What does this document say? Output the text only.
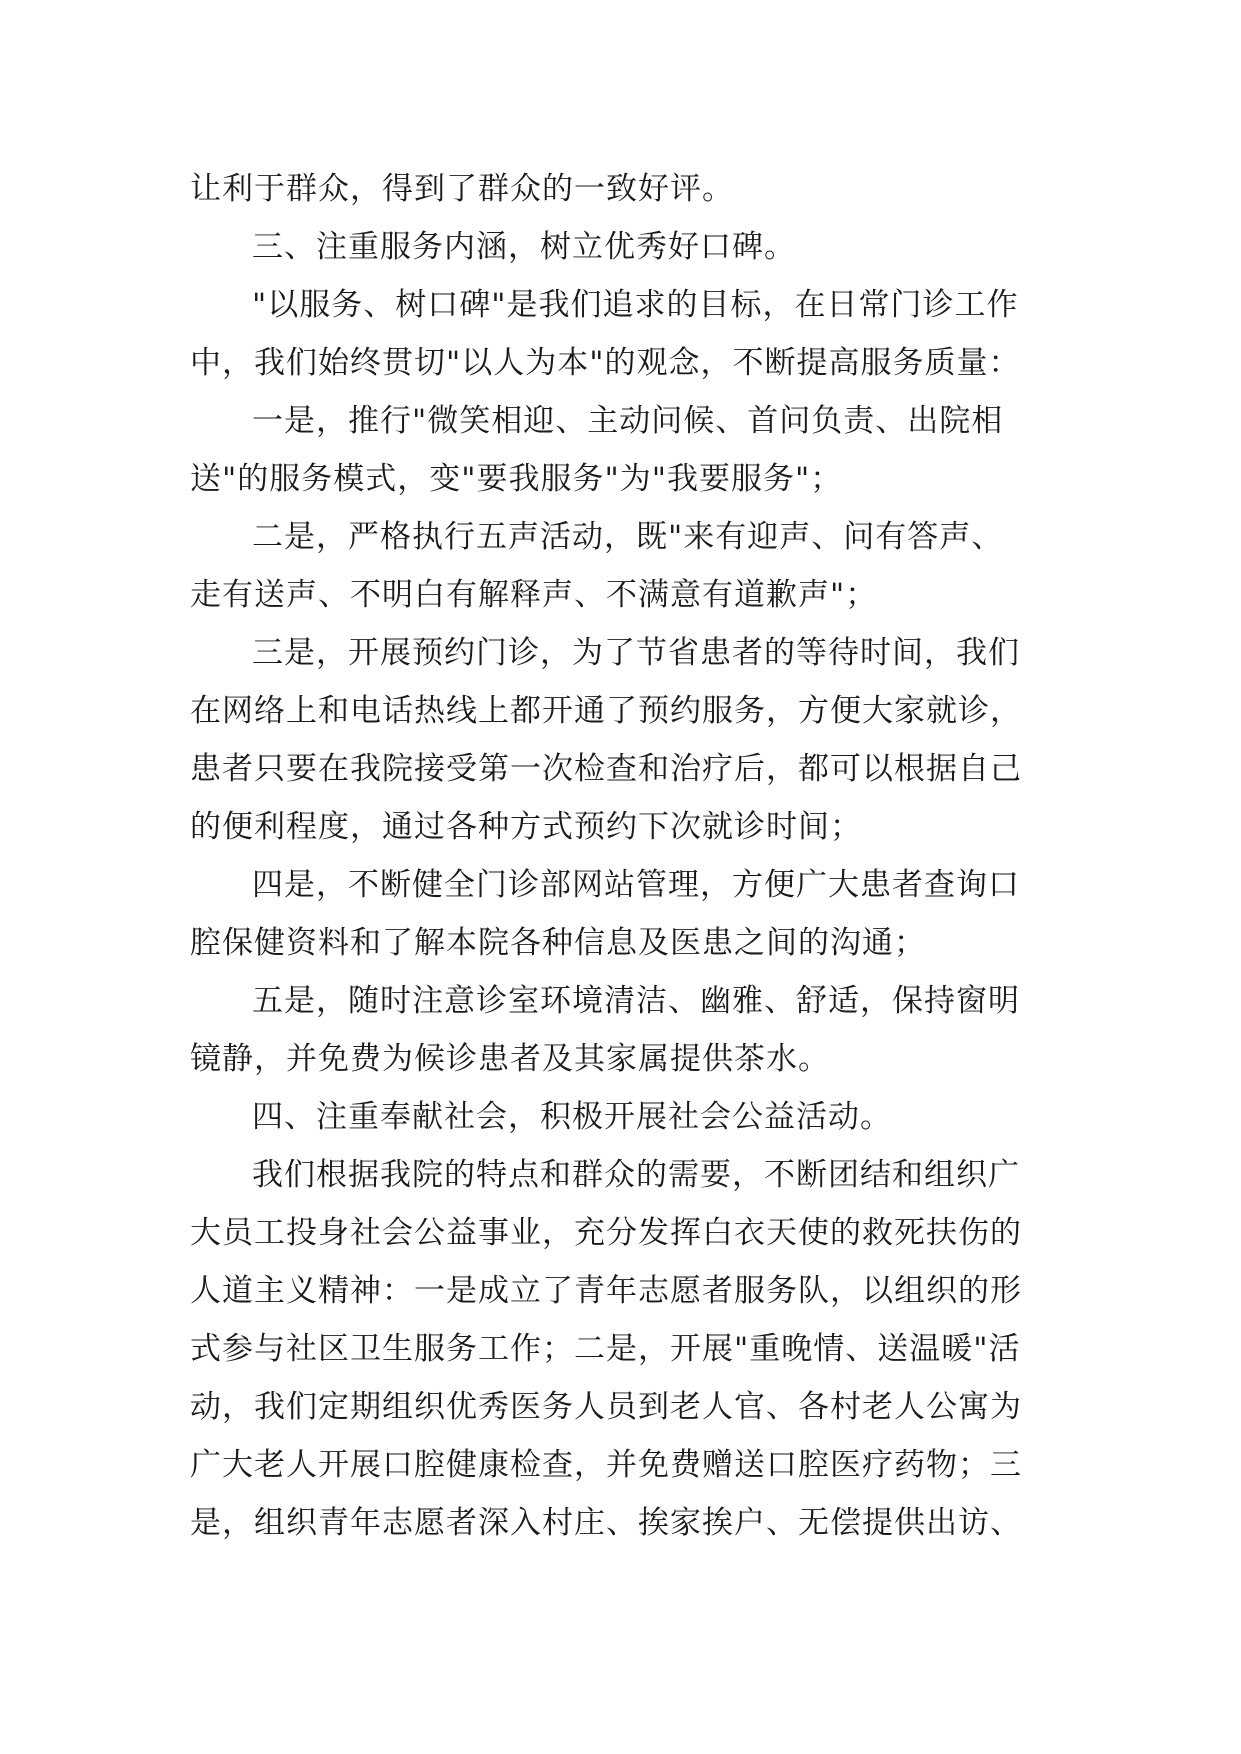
让利于群众，得到了群众的一致好评。
三、注重服务内涵，树立优秀好口碑。
"以服务、树口碑"是我们追求的目标，在日常门诊工作
中，我们始终贯切"以人为本"的观念，不断提高服务质量：
一是，推行"微笑相迎、主动问候、首问负责、出院相
送"的服务模式，变"要我服务"为"我要服务"；
二是，严格执行五声活动，既"来有迎声、问有答声、
走有送声、不明白有解释声、不满意有道歉声"；
三是，开展预约门诊，为了节省患者的等待时间，我们
在网络上和电话热线上都开通了预约服务，方便大家就诊，
患者只要在我院接受第一次检查和治疗后，都可以根据自己
的便利程度，通过各种方式预约下次就诊时间；
四是，不断健全门诊部网站管理，方便广大患者查询口
腔保健资料和了解本院各种信息及医患之间的沟通；
五是，随时注意诊室环境清洁、幽雅、舒适，保持窗明
镜静，并免费为候诊患者及其家属提供茶水。
四、注重奉献社会，积极开展社会公益活动。
我们根据我院的特点和群众的需要，不断团结和组织广
大员工投身社会公益事业，充分发挥白衣天使的救死扶伤的
人道主义精神：一是成立了青年志愿者服务队，以组织的形
式参与社区卫生服务工作；二是，开展"重晚情、送温暖"活
动，我们定期组织优秀医务人员到老人官、各村老人公寓为
广大老人开展口腔健康检查，并免费赠送口腔医疗药物；三
是，组织青年志愿者深入村庄、挨家挨户、无偿提供出访、
